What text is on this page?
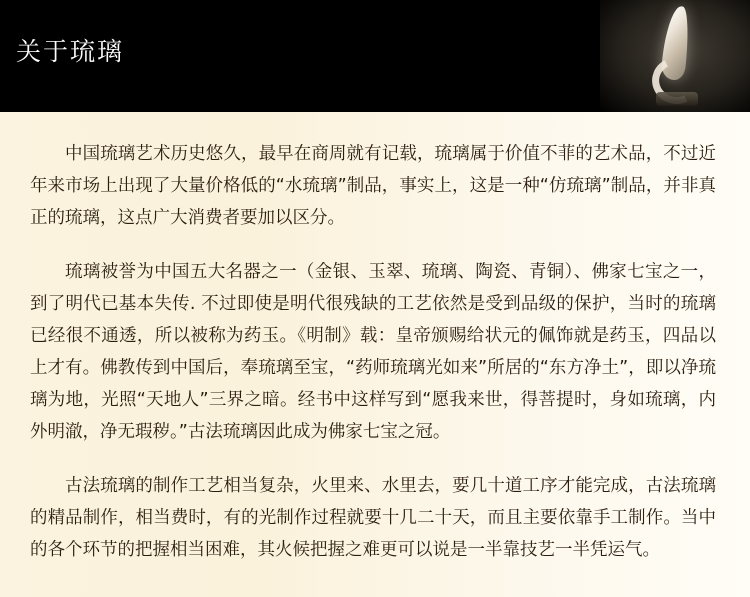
关于琉璃

中国琉璃艺术历史悠久，最早在商周就有记载，琉璃属于价值不菲的艺术品，不过近年来市场上出现了大量价格低的“水琉璃”制品，事实上，这是一种“仿琉璃”制品，并非真正的琉璃，这点广大消费者要加以区分。

琉璃被誉为中国五大名器之一（金银、玉翠、琉璃、陶瓷、青铜）、佛家七宝之一，到了明代已基本失传. 不过即使是明代很残缺的工艺依然是受到品级的保护，当时的琉璃已经很不通透，所以被称为药玉。《明制》载：皇帝颁赐给状元的佩饰就是药玉，四品以上才有。佛教传到中国后，奉琉璃至宝，“药师琉璃光如来”所居的“东方净土”，即以净琉璃为地，光照“天地人”三界之暗。经书中这样写到“愿我来世，得菩提时，身如琉璃，内外明澈，净无瑕秽。”古法琉璃因此成为佛家七宝之冠。

古法琉璃的制作工艺相当复杂，火里来、水里去，要几十道工序才能完成，古法琉璃的精品制作，相当费时，有的光制作过程就要十几二十天，而且主要依靠手工制作。当中的各个环节的把握相当困难，其火候把握之难更可以说是一半靠技艺一半凭运气。
